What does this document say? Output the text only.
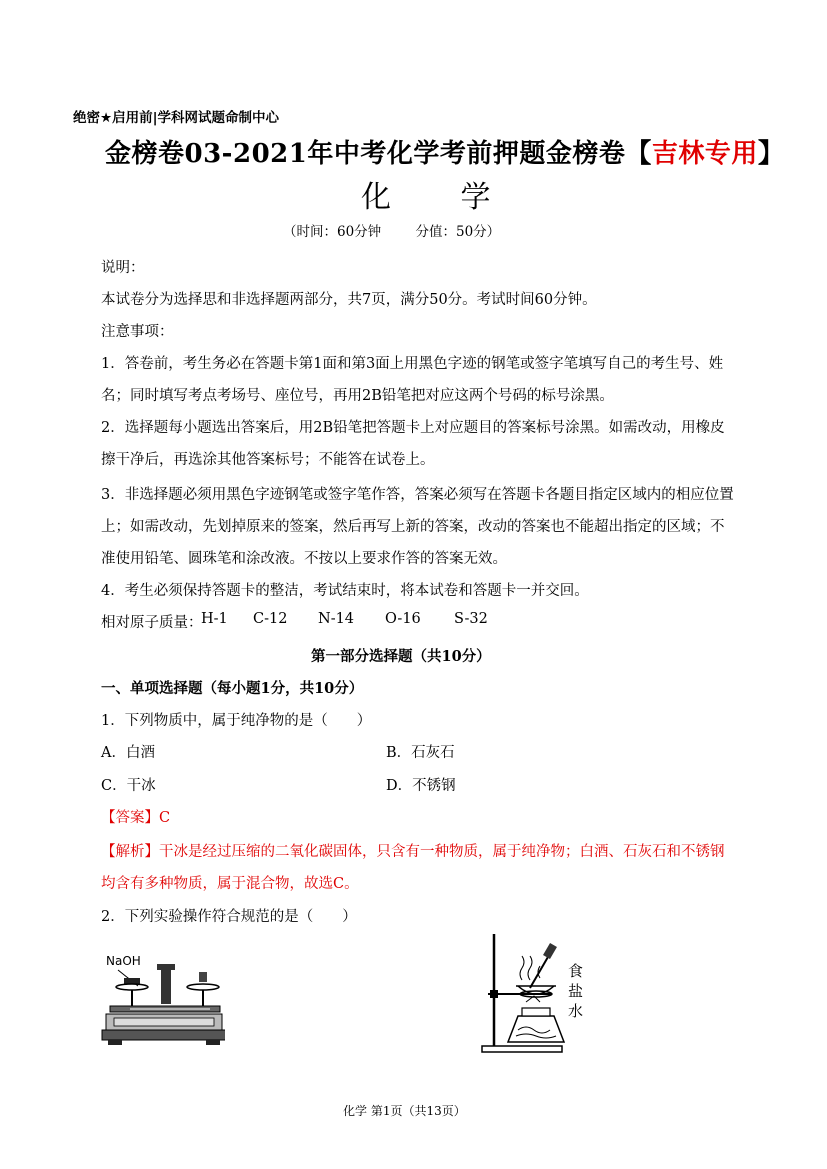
绝密★启用前|学科网试题命制中心
金榜卷03-2021年中考化学考前押题金榜卷【吉林专用】
化 学
（时间：60分钟        分值：50分）
说明：
本试卷分为选择思和非选择题两部分，共7页，满分50分。考试时间60分钟。
注意事项：
1．答卷前，考生务必在答题卡第1面和第3面上用黑色字迹的钢笔或签字笔填写自己的考生号、姓
名；同时填写考点考场号、座位号，再用2B铅笔把对应这两个号码的标号涂黑。
2．选择题每小题选出答案后，用2B铅笔把答题卡上对应题目的答案标号涂黑。如需改动，用橡皮
擦干净后，再选涂其他答案标号；不能答在试卷上。
3．非选择题必须用黑色字迹钢笔或签字笔作答，答案必须写在答题卡各题目指定区域内的相应位置
上；如需改动，先划掉原来的签案，然后再写上新的答案，改动的答案也不能超出指定的区域；不
准使用铅笔、圆珠笔和涂改液。不按以上要求作答的答案无效。
4．考生必须保持答题卡的整洁，考试结束时，将本试卷和答题卡一并交回。
相对原子质量：
H-1 C-12 N-14 O-16 S-32
第一部分选择题（共10分）
一、单项选择题（每小题1分，共10分）
1．下列物质中，属于纯净物的是（　　）
A．白酒	B．石灰石
C．干冰	D．不锈钢
【答案】C
【解析】干冰是经过压缩的二氧化碳固体，只含有一种物质，属于纯净物；白酒、石灰石和不锈钢
均含有多种物质，属于混合物，故选C。
2．下列实验操作符合规范的是（　　）
NaOH
食
盐
水
化学 第1页（共13页）
